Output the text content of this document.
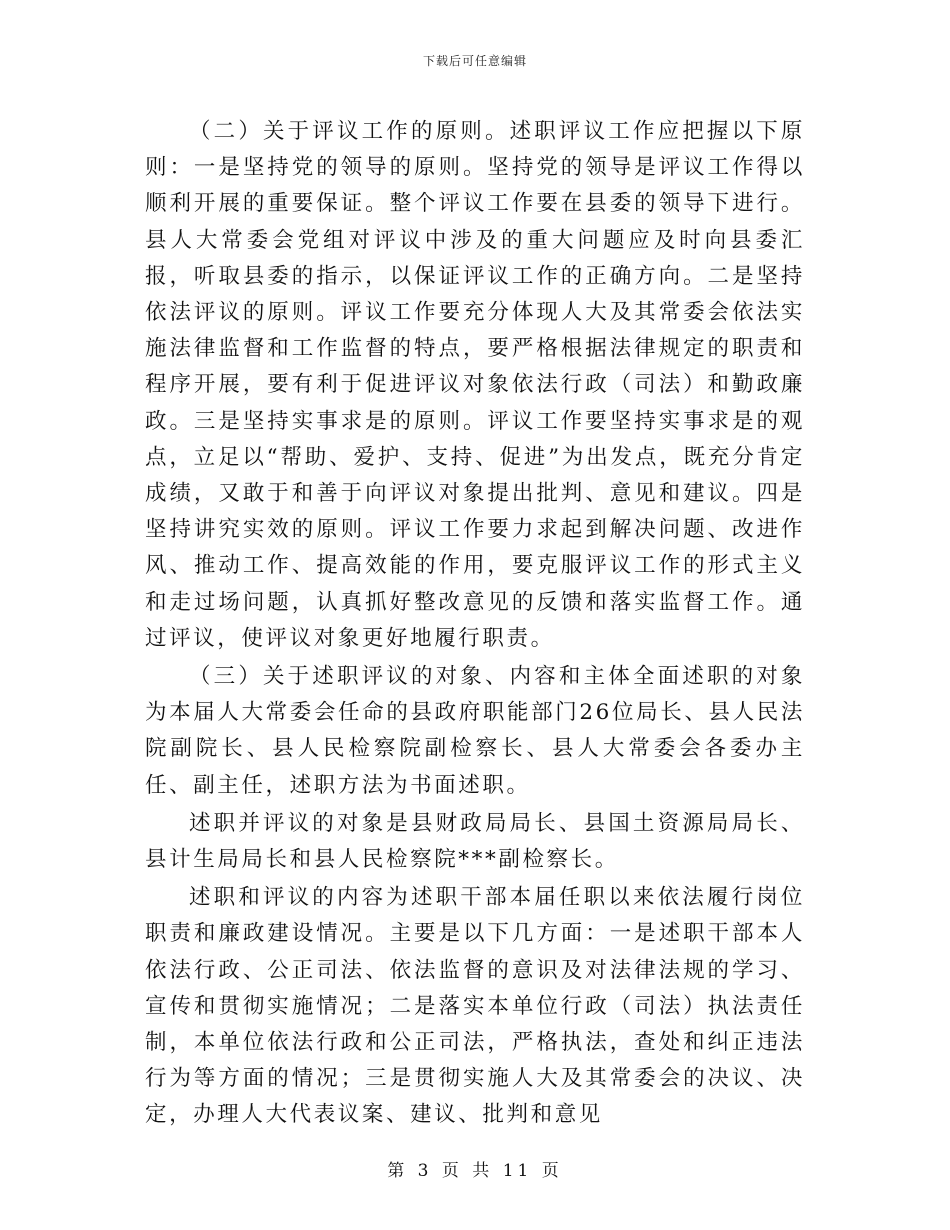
下载后可任意编辑

（二）关于评议工作的原则。述职评议工作应把握以下原则：一是坚持党的领导的原则。坚持党的领导是评议工作得以顺利开展的重要保证。整个评议工作要在县委的领导下进行。县人大常委会党组对评议中涉及的重大问题应及时向县委汇报，听取县委的指示，以保证评议工作的正确方向。二是坚持依法评议的原则。评议工作要充分体现人大及其常委会依法实施法律监督和工作监督的特点，要严格根据法律规定的职责和程序开展，要有利于促进评议对象依法行政（司法）和勤政廉政。三是坚持实事求是的原则。评议工作要坚持实事求是的观点，立足以“帮助、爱护、支持、促进”为出发点，既充分肯定成绩，又敢于和善于向评议对象提出批判、意见和建议。四是坚持讲究实效的原则。评议工作要力求起到解决问题、改进作风、推动工作、提高效能的作用，要克服评议工作的形式主义和走过场问题，认真抓好整改意见的反馈和落实监督工作。通过评议，使评议对象更好地履行职责。

（三）关于述职评议的对象、内容和主体全面述职的对象为本届人大常委会任命的县政府职能部门26位局长、县人民法院副院长、县人民检察院副检察长、县人大常委会各委办主任、副主任，述职方法为书面述职。

述职并评议的对象是县财政局局长、县国土资源局局长、县计生局局长和县人民检察院***副检察长。

述职和评议的内容为述职干部本届任职以来依法履行岗位职责和廉政建设情况。主要是以下几方面：一是述职干部本人依法行政、公正司法、依法监督的意识及对法律法规的学习、宣传和贯彻实施情况；二是落实本单位行政（司法）执法责任制，本单位依法行政和公正司法，严格执法，查处和纠正违法行为等方面的情况；三是贯彻实施人大及其常委会的决议、决定，办理人大代表议案、建议、批判和意见

第 3 页 共 11 页
